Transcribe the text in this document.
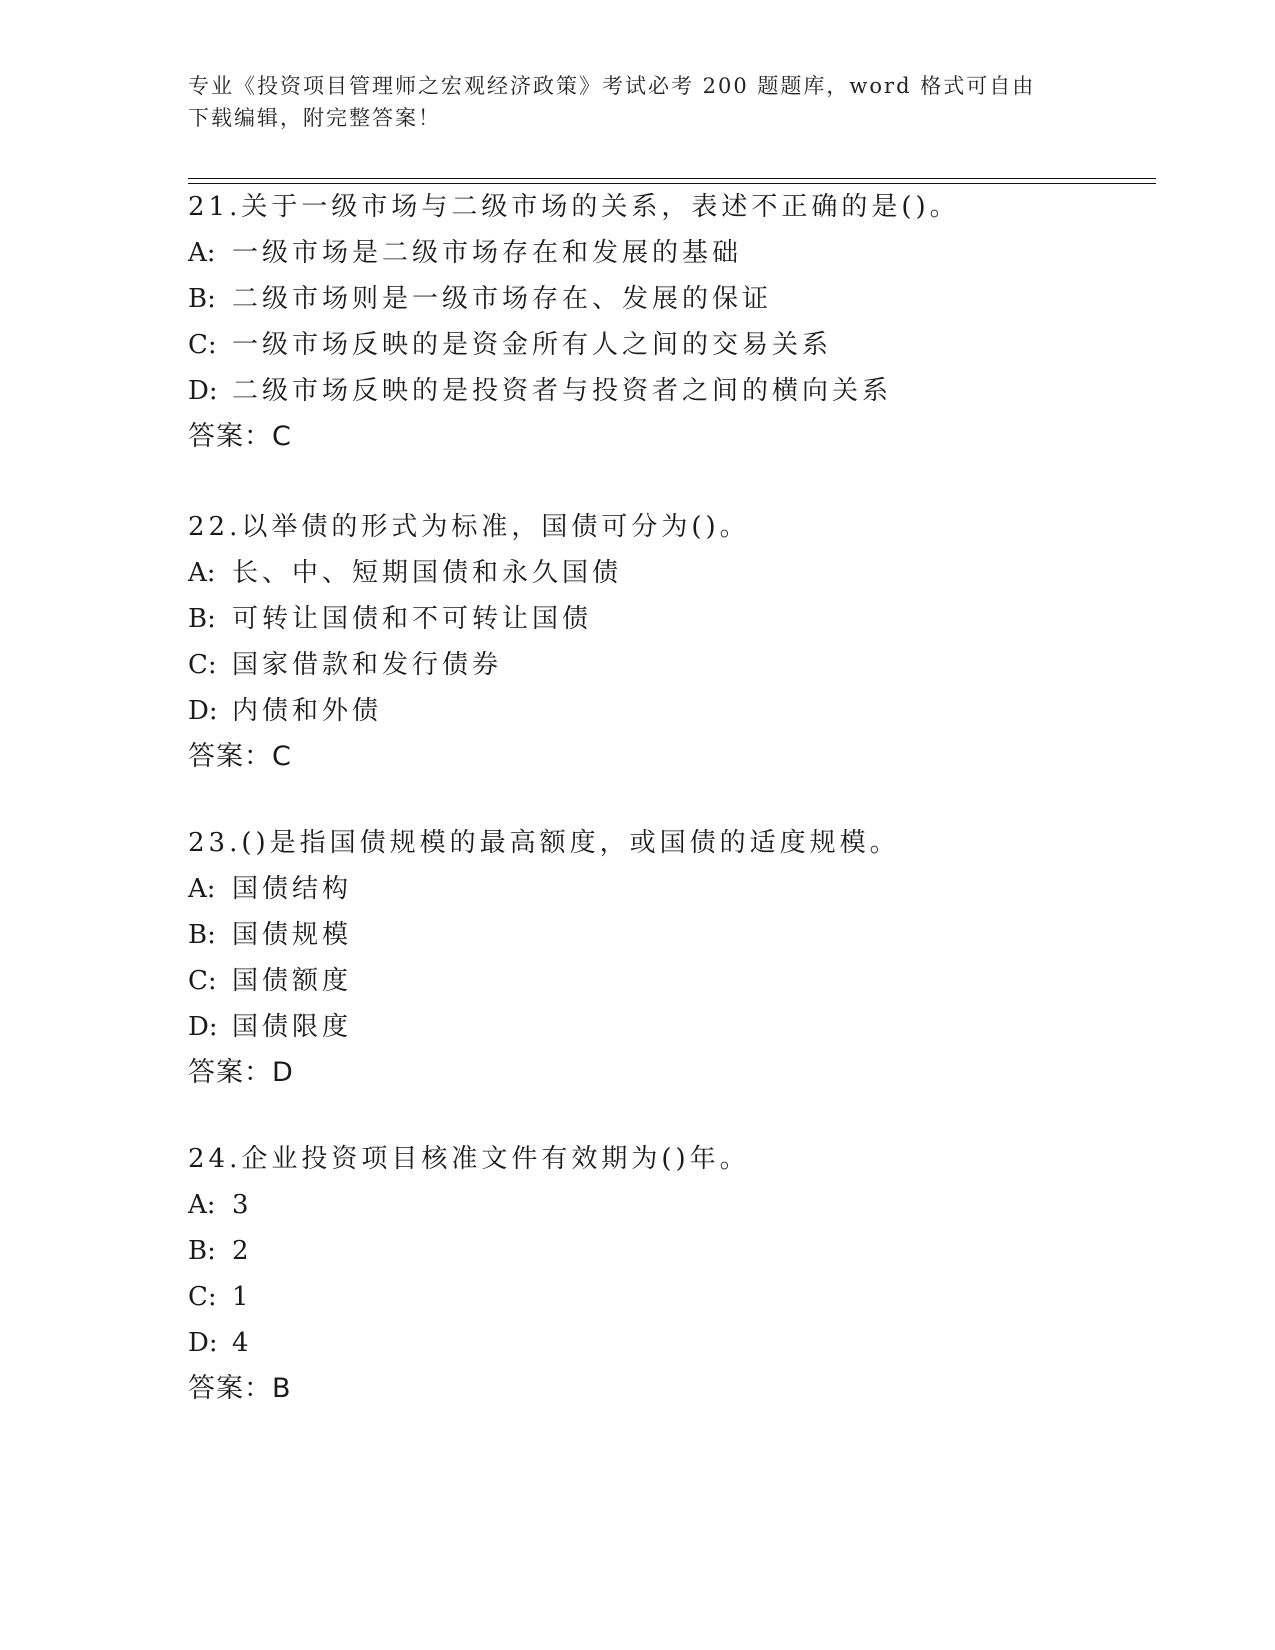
专业《投资项目管理师之宏观经济政策》考试必考 200 题题库，word 格式可自由
下载编辑，附完整答案！
21.关于一级市场与二级市场的关系，表述不正确的是()。
A: 一级市场是二级市场存在和发展的基础
B: 二级市场则是一级市场存在、发展的保证
C: 一级市场反映的是资金所有人之间的交易关系
D: 二级市场反映的是投资者与投资者之间的横向关系
答案：C
22.以举债的形式为标准，国债可分为()。
A: 长、中、短期国债和永久国债
B: 可转让国债和不可转让国债
C: 国家借款和发行债券
D: 内债和外债
答案：C
23.()是指国债规模的最高额度，或国债的适度规模。
A: 国债结构
B: 国债规模
C: 国债额度
D: 国债限度
答案：D
24.企业投资项目核准文件有效期为()年。
A: 3
B: 2
C: 1
D: 4
答案：B
